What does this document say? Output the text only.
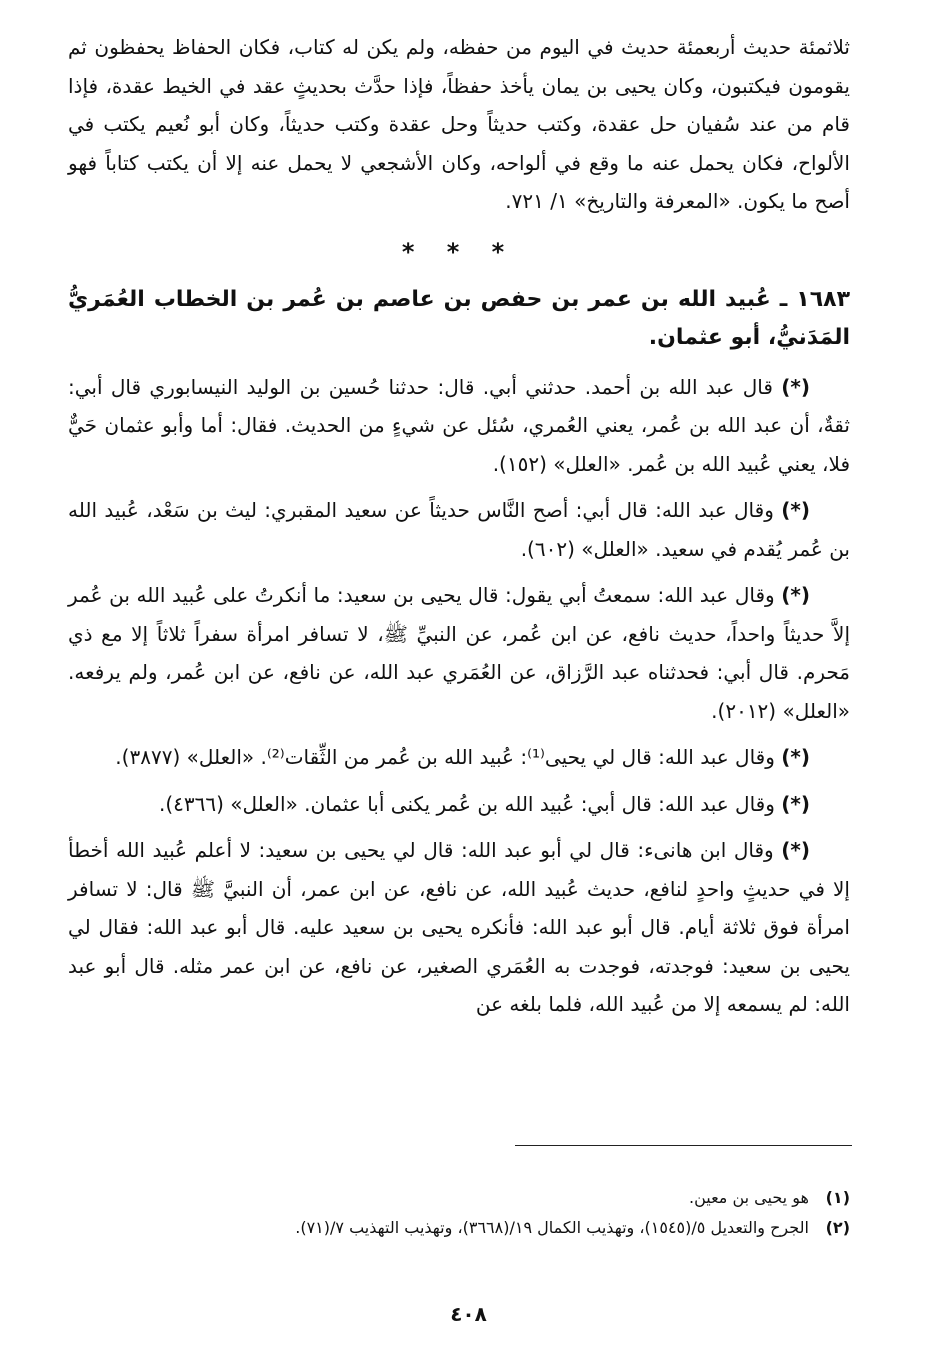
ثلاثمئة حديث أربعمئة حديث في اليوم من حفظه، ولم يكن له كتاب، فكان الحفاظ يحفظون ثم يقومون فيكتبون، وكان يحيى بن يمان يأخذ حفظاً، فإذا حدَّث بحديثٍ عقد في الخيط عقدة، فإذا قام من عند سُفيان حل عقدة، وكتب حديثاً وحل عقدة وكتب حديثاً، وكان أبو نُعيم يكتب في الألواح، فكان يحمل عنه ما وقع في ألواحه، وكان الأشجعي لا يحمل عنه إلا أن يكتب كتاباً فهو أصح ما يكون. «المعرفة والتاريخ» ١/ ٧٢١.

* * *

١٦٨٣ ـ عُبيد الله بن عمر بن حفص بن عاصم بن عُمر بن الخطاب العُمَريُّ المَدَنيُّ، أبو عثمان.

(*) قال عبد الله بن أحمد. حدثني أبي. قال: حدثنا حُسين بن الوليد النيسابوري قال أبي: ثقةٌ، أن عبد الله بن عُمر، يعني العُمري، سُئل عن شيءٍ من الحديث. فقال: أما وأبو عثمان حَيٌّ فلا، يعني عُبيد الله بن عُمر. «العلل» (١٥٢).

(*) وقال عبد الله: قال أبي: أصح النَّاس حديثاً عن سعيد المقبري: ليث بن سَعْد، عُبيد الله بن عُمر يُقدم في سعيد. «العلل» (٦٠٢).

(*) وقال عبد الله: سمعتُ أبي يقول: قال يحيى بن سعيد: ما أنكرتُ على عُبيد الله بن عُمر إلاَّ حديثاً واحداً، حديث نافع، عن ابن عُمر، عن النبيِّ ﷺ، لا تسافر امرأة سفراً ثلاثاً إلا مع ذي مَحرم. قال أبي: فحدثناه عبد الرَّزاق، عن العُمَري عبد الله، عن نافع، عن ابن عُمر، ولم يرفعه. «العلل» (٢٠١٢).

(*) وقال عبد الله: قال لي يحيى⁽¹⁾: عُبيد الله بن عُمر من الثِّقات⁽²⁾. «العلل» (٣٨٧٧).

(*) وقال عبد الله: قال أبي: عُبيد الله بن عُمر يكنى أبا عثمان. «العلل» (٤٣٦٦).

(*) وقال ابن هانىء: قال لي أبو عبد الله: قال لي يحيى بن سعيد: لا أعلم عُبيد الله أخطأ إلا في حديثٍ واحدٍ لنافع، حديث عُبيد الله، عن نافع، عن ابن عمر، أن النبيَّ ﷺ قال: لا تسافر امرأة فوق ثلاثة أيام. قال أبو عبد الله: فأنكره يحيى بن سعيد عليه. قال أبو عبد الله: فقال لي يحيى بن سعيد: فوجدته، فوجدت به العُمَري الصغير، عن نافع، عن ابن عمر مثله. قال أبو عبد الله: لم يسمعه إلا من عُبيد الله، فلما بلغه عن

(١) هو يحيى بن معين.
(٢) الجرح والتعديل ٥/(١٥٤٥)، وتهذيب الكمال ١٩/(٣٦٦٨)، وتهذيب التهذيب ٧/(٧١).
٤٠٨
